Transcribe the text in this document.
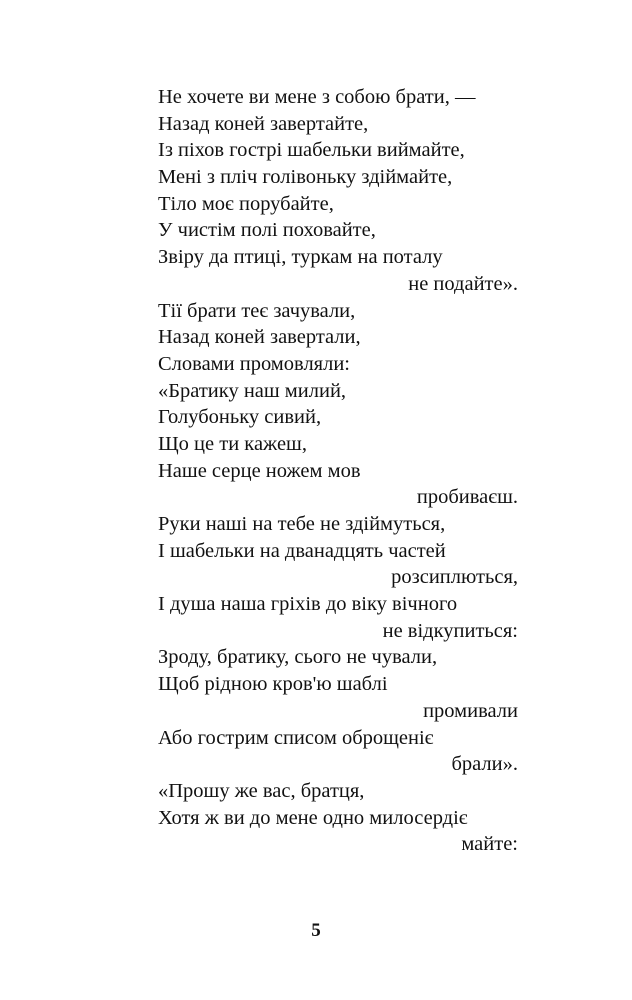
Не хочете ви мене з собою брати, —
Назад коней завертайте,
Із піхов гострі шабельки виймайте,
Мені з пліч голівоньку здіймайте,
Тіло моє порубайте,
У чистім полі поховайте,
Звіру да птиці, туркам на поталу
не подайте».
Тії брати теє зачували,
Назад коней завертали,
Словами промовляли:
«Братику наш милий,
Голубоньку сивий,
Що це ти кажеш,
Наше серце ножем мов
пробиваєш.
Руки наші на тебе не здіймуться,
І шабельки на дванадцять частей
розсиплються,
І душа наша гріхів до віку вічного
не відкупиться:
Зроду, братику, сього не чували,
Щоб рідною кров'ю шаблі
промивали
Або гострим списом оброщеніє
брали».
«Прошу же вас, братця,
Хотя ж ви до мене одно милосердіє
майте:
5
